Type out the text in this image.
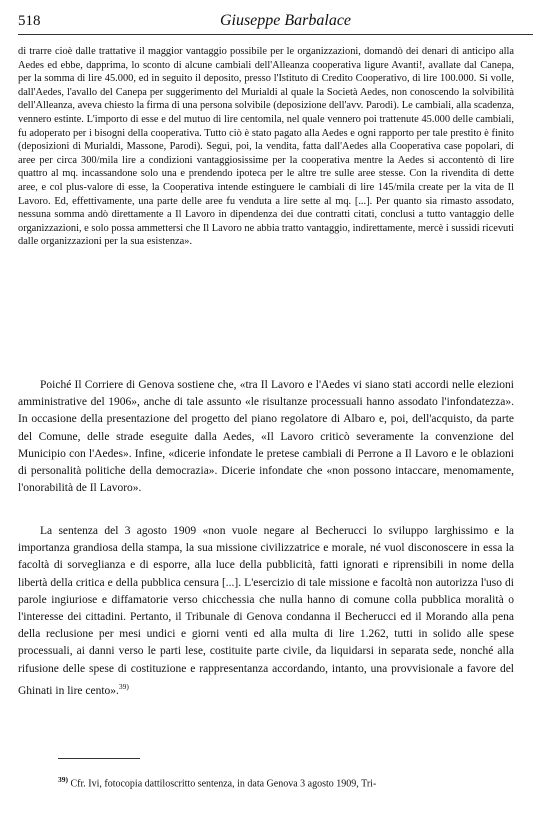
518	Giuseppe Barbalace

di trarre cioè dalle trattative il maggior vantaggio possibile per le organizzazioni, domandò dei denari di anticipo alla Aedes ed ebbe, dapprima, lo sconto di alcune cambiali dell'Alleanza cooperativa ligure Avanti!, avallate dal Canepa, per la somma di lire 45.000, ed in seguito il deposito, presso l'Istituto di Credito Cooperativo, di lire 100.000. Si volle, dall'Aedes, l'avallo del Canepa per suggerimento del Murialdi al quale la Società Aedes, non conoscendo la solvibilità dell'Alleanza, aveva chiesto la firma di una persona solvibile (deposizione dell'avv. Parodi). Le cambiali, alla scadenza, vennero estinte. L'importo di esse e del mutuo di lire centomila, nel quale vennero poi trattenute 45.000 delle cambiali, fu adoperato per i bisogni della cooperativa. Tutto ciò è stato pagato alla Aedes e ogni rapporto per tale prestito è finito (deposizioni di Murialdi, Massone, Parodi). Seguì, poi, la vendita, fatta dall'Aedes alla Cooperativa case popolari, di aree per circa 300/mila lire a condizioni vantaggiosissime per la cooperativa mentre la Aedes si accontentò di lire quattro al mq. incassandone solo una e prendendo ipoteca per le altre tre sulle aree stesse. Con la rivendita di dette aree, e col plus-valore di esse, la Cooperativa intende estinguere le cambiali di lire 145/mila create per la vita de Il Lavoro. Ed, effettivamente, una parte delle aree fu venduta a lire sette al mq. [...]. Per quanto sia rimasto assodato, nessuna somma andò direttamente a Il Lavoro in dipendenza dei due contratti citati, conclusi a tutto vantaggio delle organizzazioni, e solo possa ammettersi che Il Lavoro ne abbia tratto vantaggio, indirettamente, mercè i sussidi ricevuti dalle organizzazioni per la sua esistenza».

Poiché Il Corriere di Genova sostiene che, «tra Il Lavoro e l'Aedes vi siano stati accordi nelle elezioni amministrative del 1906», anche di tale assunto «le risultanze processuali hanno assodato l'infondatezza». In occasione della presentazione del progetto del piano regolatore di Albaro e, poi, dell'acquisto, da parte del Comune, delle strade eseguite dalla Aedes, «Il Lavoro criticò severamente la convenzione del Municipio con l'Aedes». Infine, «dicerie infondate le pretese cambiali di Perrone a Il Lavoro e le oblazioni di personalità politiche della democrazia». Dicerie infondate che «non possono intaccare, menomamente, l'onorabilità de Il Lavoro».

La sentenza del 3 agosto 1909 «non vuole negare al Becherucci lo sviluppo larghissimo e la importanza grandiosa della stampa, la sua missione civilizzatrice e morale, né vuol disconoscere in essa la facoltà di sorveglianza e di esporre, alla luce della pubblicità, fatti ignorati e riprensibili in nome della libertà della critica e della pubblica censura [...]. L'esercizio di tale missione e facoltà non autorizza l'uso di parole ingiuriose e diffamatorie verso chicchessia che nulla hanno di comune colla pubblica moralità o l'interesse dei cittadini. Pertanto, il Tribunale di Genova condanna il Becherucci ed il Morando alla pena della reclusione per mesi undici e giorni venti ed alla multa di lire 1.262, tutti in solido alle spese processuali, ai danni verso le parti lese, costituite parte civile, da liquidarsi in separata sede, nonché alla rifusione delle spese di costituzione e rappresentanza accordando, intanto, una provvisionale a favore del Ghinati in lire cento».$^{39)}$

$^{39)}$ Cfr. Ivi, fotocopia dattiloscritto sentenza, in data Genova 3 agosto 1909, Tri-
